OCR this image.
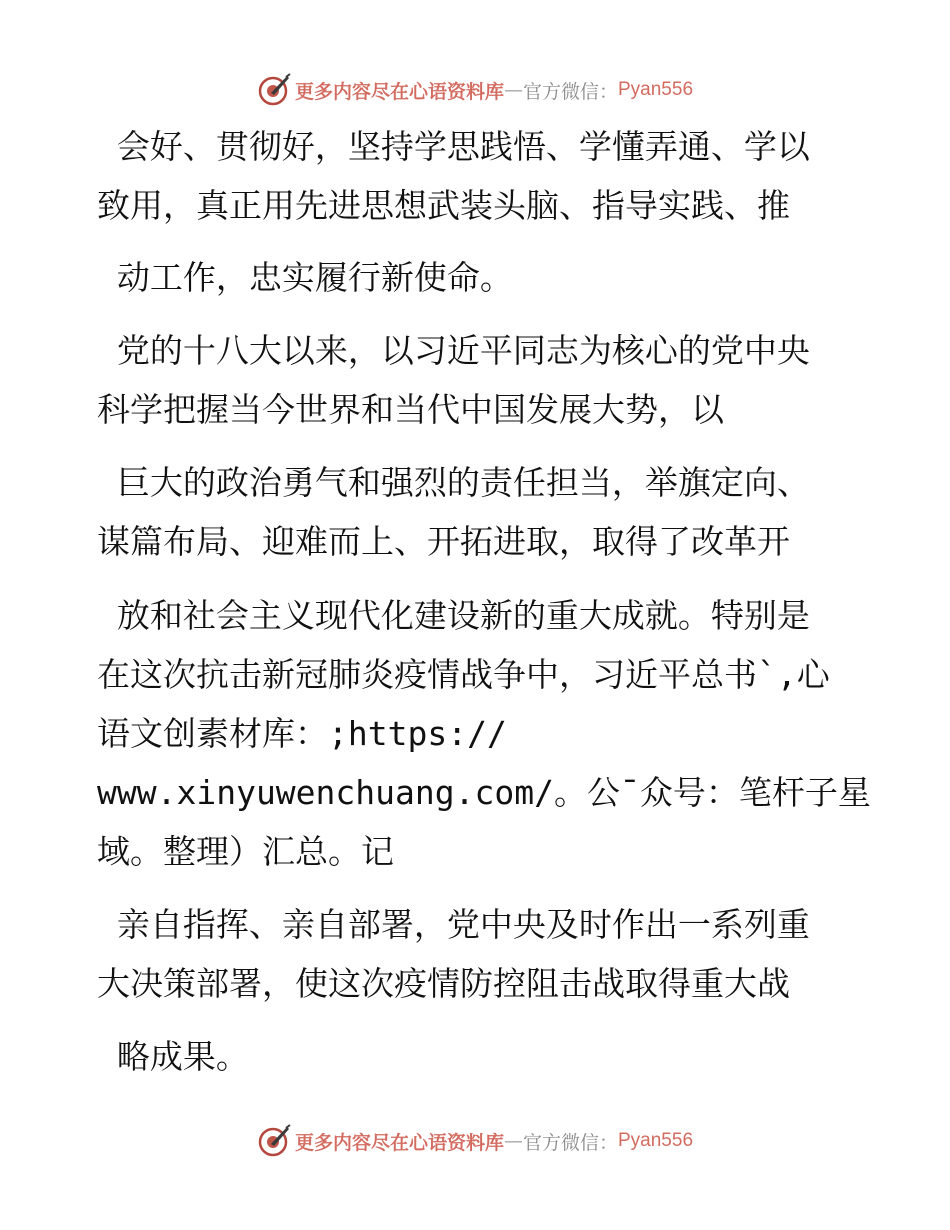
更多内容尽在心语资料库 — 官方微信： Pyan556
会好、贯彻好，坚持学思践悟、学懂弄通、学以
致用，真正用先进思想武装头脑、指导实践、推
动工作，忠实履行新使命。
党的十八大以来，以习近平同志为核心的党中央
科学把握当今世界和当代中国发展大势，以
巨大的政治勇气和强烈的责任担当，举旗定向、
谋篇布局、迎难而上、开拓进取，取得了改革开
放和社会主义现代化建设新的重大成就。特别是
在这次抗击新冠肺炎疫情战争中，习近平总书`,心
语文创素材库：;https://
www.xinyuwenchuang.com/。公¯众号：笔杆子星
域。整理）汇总。记
亲自指挥、亲自部署，党中央及时作出一系列重
大决策部署，使这次疫情防控阻击战取得重大战
略成果。
更多内容尽在心语资料库 — 官方微信： Pyan556
